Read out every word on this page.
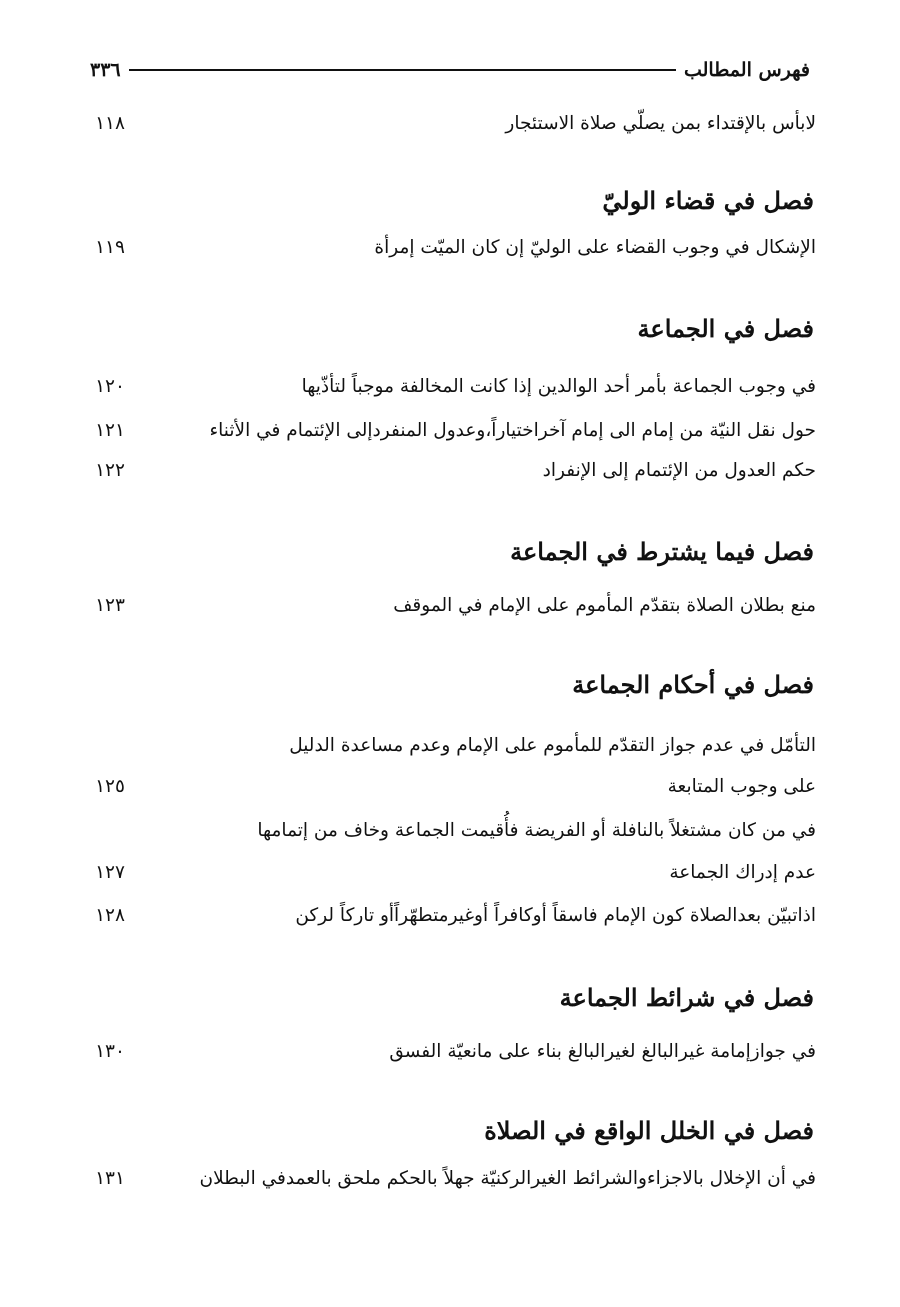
فهرس المطالب
٣٣٦
لابأس بالإقتداء بمن يصلّي صلاة الاستئجار
١١٨
فصل في قضاء الوليّ
الإشكال في وجوب القضاء على الوليّ إن كان الميّت إمرأة
١١٩
فصل في الجماعة
في وجوب الجماعة بأمر أحد الوالدين إذا كانت المخالفة موجباً لتأذّيها
١٢٠
حول نقل النيّة من إمام الى إمام آخراختياراً،وعدول المنفردإلى الإئتمام في الأثناء
١٢١
حكم العدول من الإئتمام إلى الإنفراد
١٢٢
فصل فيما يشترط في الجماعة
منع بطلان الصلاة بتقدّم المأموم على الإمام في الموقف
١٢٣
فصل في أحكام الجماعة
التأمّل في عدم جواز التقدّم للمأموم على الإمام وعدم مساعدة الدليل
على وجوب المتابعة
١٢٥
في من كان مشتغلاً بالنافلة أو الفريضة فأُقيمت الجماعة وخاف من إتمامها
عدم إدراك الجماعة
١٢٧
اذاتبيّن بعدالصلاة كون الإمام فاسقاً أوكافراً أوغيرمتطهّراًأو تاركاً لركن
١٢٨
فصل في شرائط الجماعة
في جوازإمامة غيرالبالغ لغيرالبالغ بناء على مانعيّة الفسق
١٣٠
فصل في الخلل الواقع في الصلاة
في أن الإخلال بالاجزاءوالشرائط الغيرالركنيّة جهلاً بالحكم ملحق بالعمدفي البطلان
١٣١
